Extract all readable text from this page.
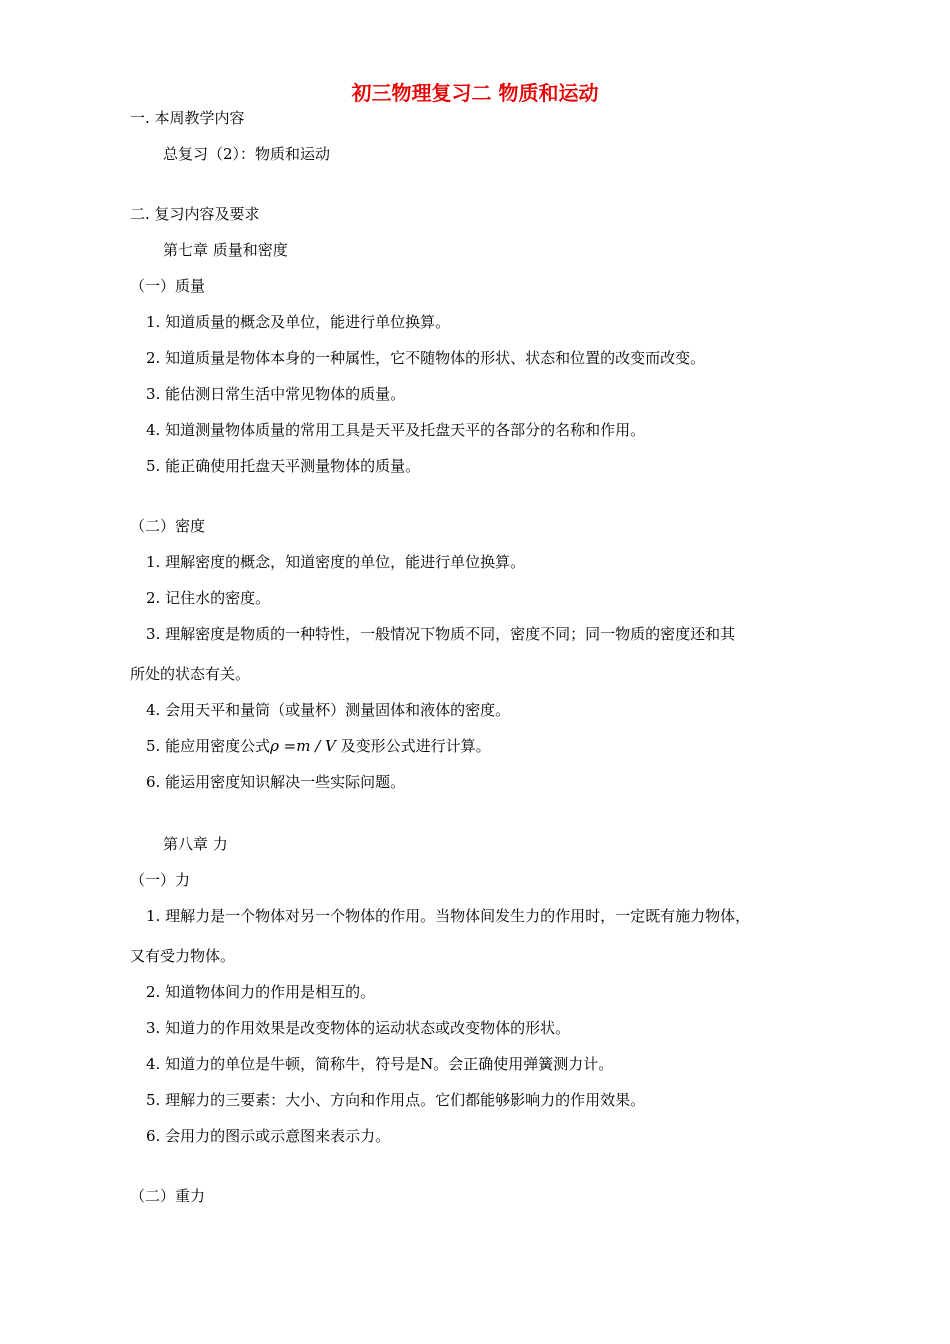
初三物理复习二 物质和运动
一. 本周教学内容
总复习（2）：物质和运动
二. 复习内容及要求
第七章 质量和密度
（一）质量
1. 知道质量的概念及单位，能进行单位换算。
2. 知道质量是物体本身的一种属性，它不随物体的形状、状态和位置的改变而改变。
3. 能估测日常生活中常见物体的质量。
4. 知道测量物体质量的常用工具是天平及托盘天平的各部分的名称和作用。
5. 能正确使用托盘天平测量物体的质量。
（二）密度
1. 理解密度的概念，知道密度的单位，能进行单位换算。
2. 记住水的密度。
3. 理解密度是物质的一种特性，一般情况下物质不同，密度不同；同一物质的密度还和其
所处的状态有关。
4. 会用天平和量筒（或量杯）测量固体和液体的密度。
5. 能应用密度公式ρ =m / V 及变形公式进行计算。
6. 能运用密度知识解决一些实际问题。
第八章 力
（一）力
1. 理解力是一个物体对另一个物体的作用。当物体间发生力的作用时，一定既有施力物体，
又有受力物体。
2. 知道物体间力的作用是相互的。
3. 知道力的作用效果是改变物体的运动状态或改变物体的形状。
4. 知道力的单位是牛顿，简称牛，符号是N。会正确使用弹簧测力计。
5. 理解力的三要素：大小、方向和作用点。它们都能够影响力的作用效果。
6. 会用力的图示或示意图来表示力。
（二）重力
